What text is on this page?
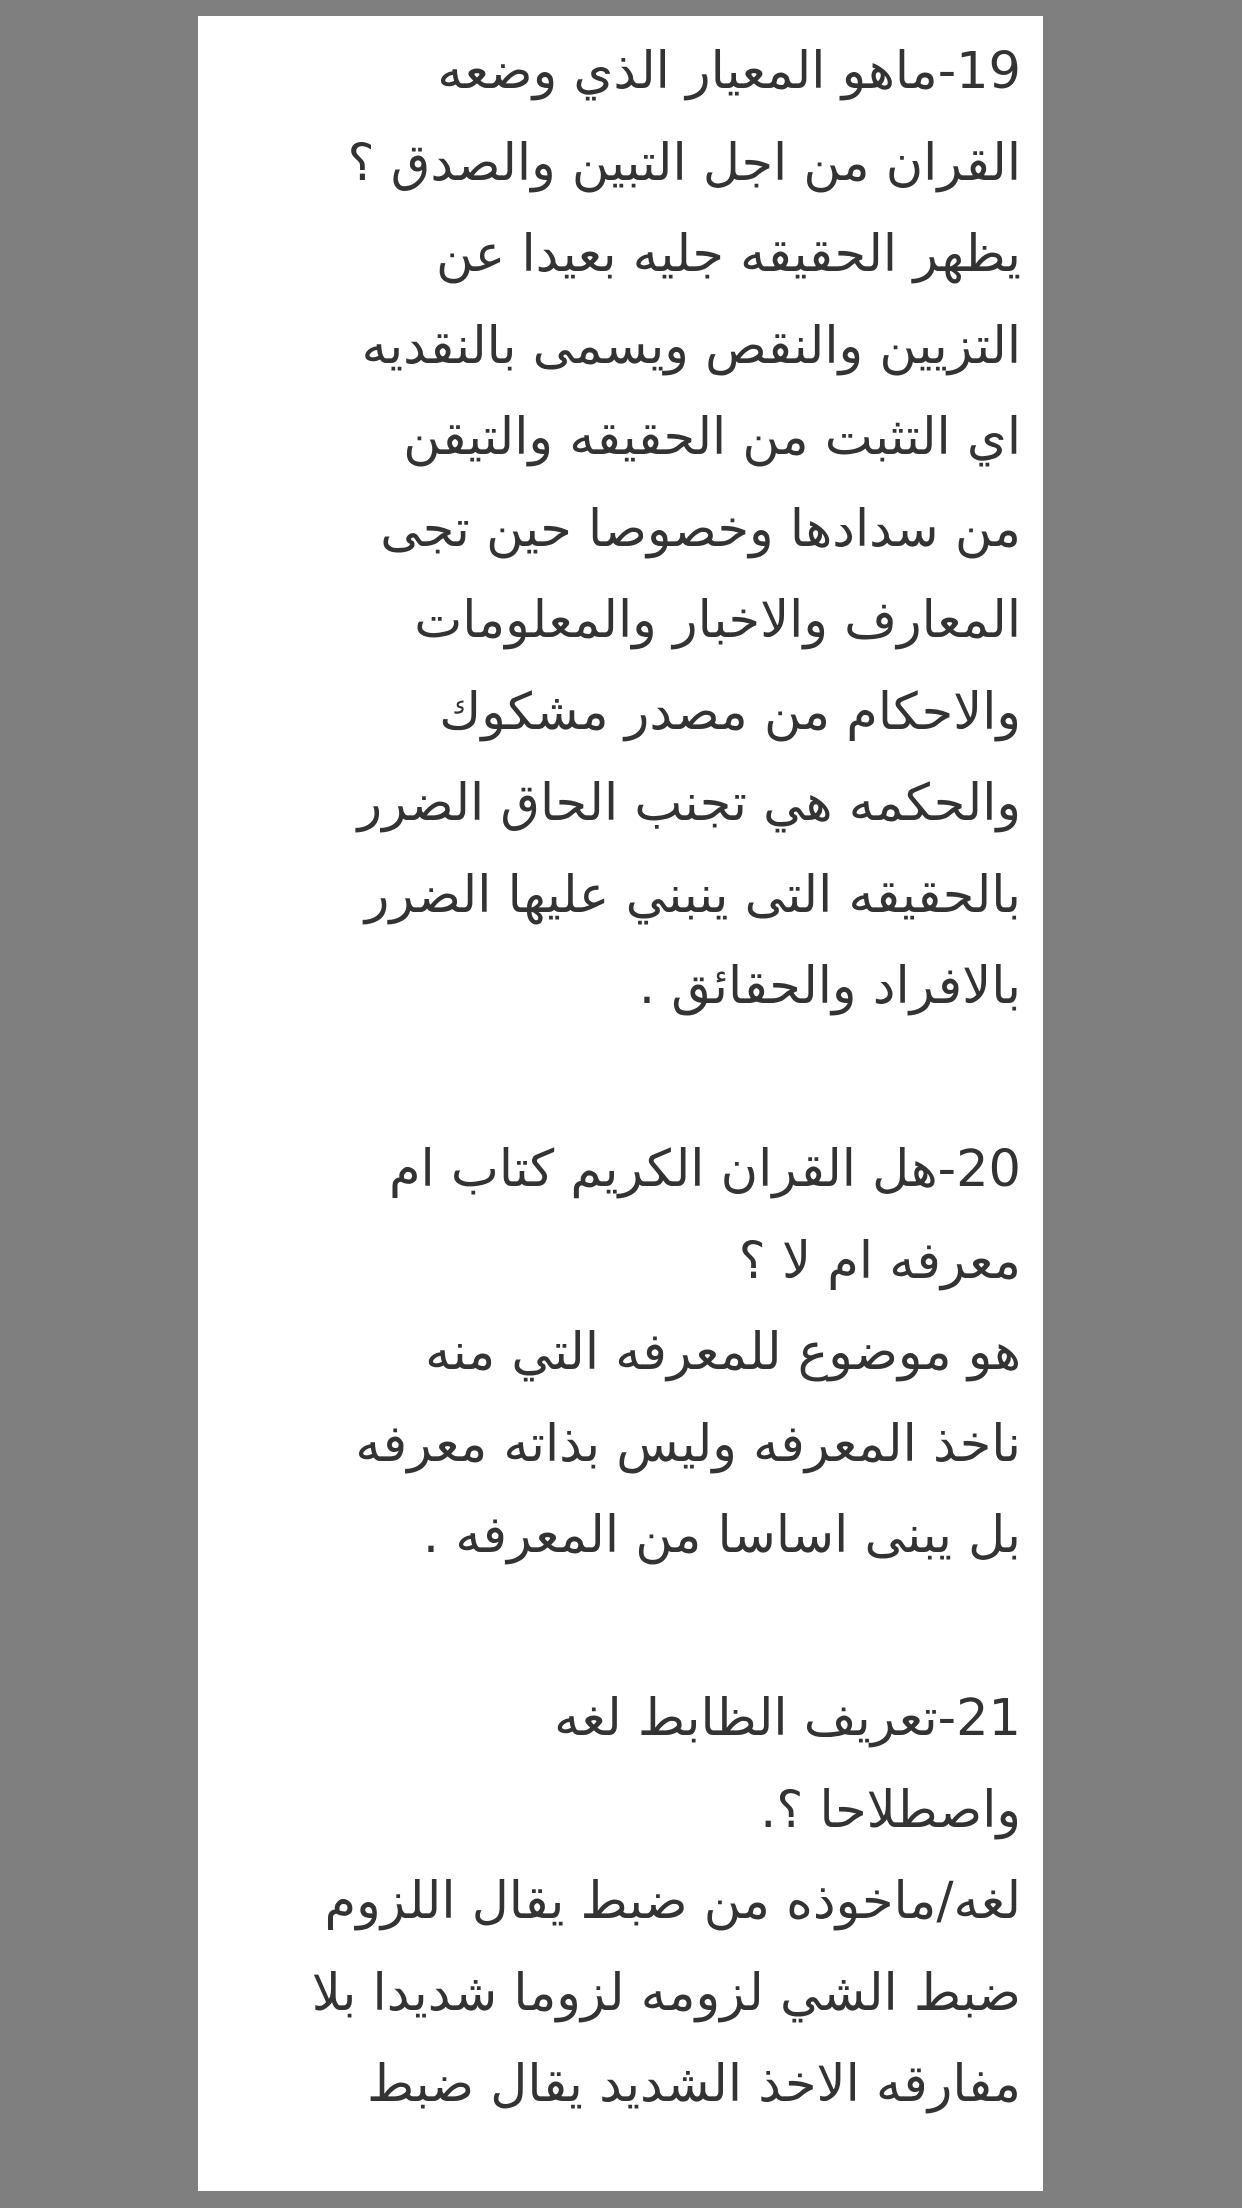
19-ماهو المعيار الذي وضعه
القران من اجل التبين والصدق ؟
يظهر الحقيقه جليه بعيدا عن
التزيين والنقص ويسمى بالنقديه
اي التثبت من الحقيقه والتيقن
من سدادها وخصوصا حين تجى
المعارف والاخبار والمعلومات
والاحكام من مصدر مشكوك
والحكمه هي تجنب الحاق الضرر
بالحقيقه التى ينبني عليها الضرر
بالافراد والحقائق .
20-هل القران الكريم كتاب ام
معرفه ام لا ؟
هو موضوع للمعرفه التي منه
ناخذ المعرفه وليس بذاته معرفه
بل يبنى اساسا من المعرفه .
21-تعريف الظابط لغه
واصطلاحا ؟.
لغه/ماخوذه من ضبط يقال اللزوم
ضبط الشي لزومه لزوما شديدا بلا
مفارقه الاخذ الشديد يقال ضبط
